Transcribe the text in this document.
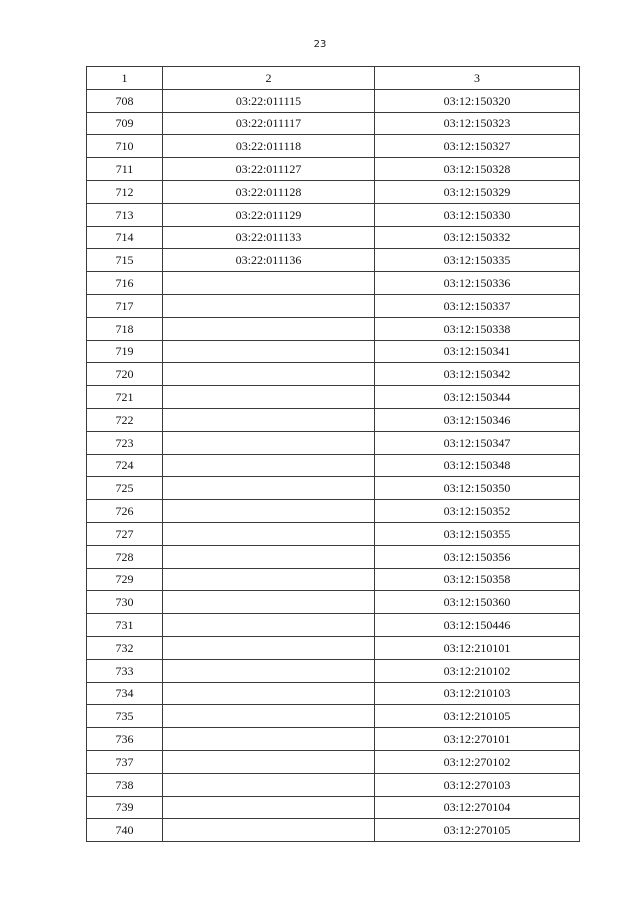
23
1	2	3
708	03:22:011115	03:12:150320
709	03:22:011117	03:12:150323
710	03:22:011118	03:12:150327
711	03:22:011127	03:12:150328
712	03:22:011128	03:12:150329
713	03:22:011129	03:12:150330
714	03:22:011133	03:12:150332
715	03:22:011136	03:12:150335
716		03:12:150336
717		03:12:150337
718		03:12:150338
719		03:12:150341
720		03:12:150342
721		03:12:150344
722		03:12:150346
723		03:12:150347
724		03:12:150348
725		03:12:150350
726		03:12:150352
727		03:12:150355
728		03:12:150356
729		03:12:150358
730		03:12:150360
731		03:12:150446
732		03:12:210101
733		03:12:210102
734		03:12:210103
735		03:12:210105
736		03:12:270101
737		03:12:270102
738		03:12:270103
739		03:12:270104
740		03:12:270105
